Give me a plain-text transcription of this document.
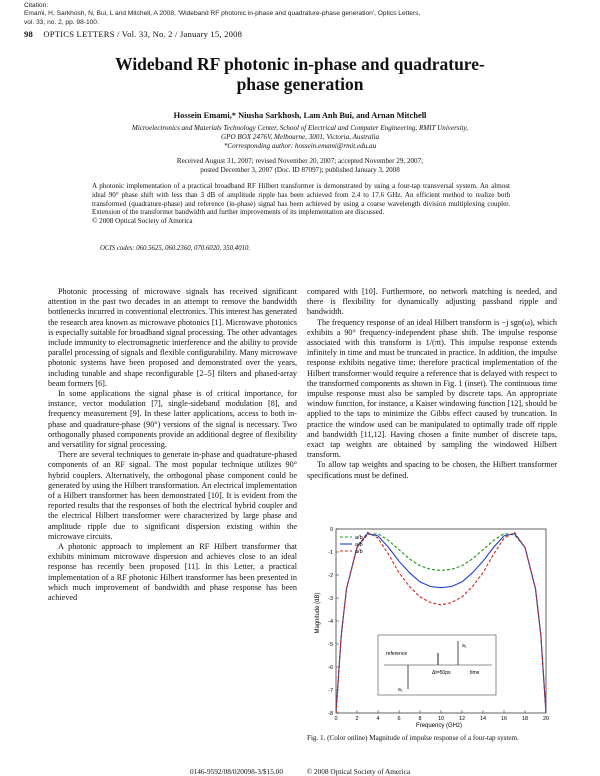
Citation:
Emami, H, Sarkhosh, N, Bui, L and Mitchell, A 2008, 'Wideband RF photonic in-phase and quadrature-phase generation', Optics Letters,
vol. 33, no. 2, pp. 98-100.
98 OPTICS LETTERS / Vol. 33, No. 2 / January 15, 2008
Wideband RF photonic in-phase and quadrature-
phase generation
Hossein Emami,* Niusha Sarkhosh, Lam Anh Bui, and Arnan Mitchell
Microelectronics and Materials Technology Center, School of Electrical and Computer Engineering, RMIT University,
GPO BOX 2476V, Melbourne, 3001, Victoria, Australia
*Corresponding author: hossein.emami@rmit.edu.au
Received August 31, 2007; revised November 20, 2007; accepted November 29, 2007;
posted December 3, 2007 (Doc. ID 87097); published January 3, 2008
A photonic implementation of a practical broadband RF Hilbert transformer is demonstrated by using a four-tap transversal system. An almost ideal 90° phase shift with less than 3 dB of amplitude ripple has been achieved from 2.4 to 17.6 GHz. An efficient method to realize both transformed (quadrature-phase) and reference (in-phase) signal has been achieved by using a coarse wavelength division multiplexing coupler. Extension of the transformer bandwidth and further improvements of its implementation are discussed.
© 2008 Optical Society of America
OCIS codes: 060.5625, 060.2360, 070.6020, 350.4010.

Photonic processing of microwave signals has received significant attention in the past two decades in an attempt to remove the bandwidth bottlenecks incurred in conventional electronics. This interest has generated the research area known as microwave photonics [1]. Microwave photonics is especially suitable for broadband signal processing. The other advantages include immunity to electromagnetic interference and the ability to provide parallel processing of signals and flexible configurability. Many microwave photonic systems have been proposed and demonstrated over the years, including tunable and shape reconfigurable [2–5] filters and phased-array beam formers [6].

In some applications the signal phase is of critical importance, for instance, vector modulation [7], single-sideband modulation [8], and frequency measurement [9]. In these latter applications, access to both in-phase and quadrature-phase (90°) versions of the signal is necessary. Two orthogonally phased components provide an additional degree of flexibility and versatility for signal processing.

There are several techniques to generate in-phase and quadrature-phased components of an RF signal. The most popular technique utilizes 90° hybrid couplers. Alternatively, the orthogonal phase component could be generated by using the Hilbert transformation. An electrical implementation of a Hilbert transformer has been demonstrated [10]. It is evident from the reported results that the responses of both the electrical hybrid coupler and the electrical Hilbert transformer were characterized by large phase and amplitude ripple due to significant dispersion existing within the microwave circuits.

A photonic approach to implement an RF Hilbert transformer that exhibits minimum microwave dispersion and achieves close to an ideal response has recently been proposed [11]. In this Letter, a practical implementation of a RF photonic Hilbert transformer has been presented in which much improvement of bandwidth and phase response has been achieved

compared with [10]. Furthermore, no network matching is needed, and there is flexibility for dynamically adjusting passband ripple and bandwidth.

The frequency response of an ideal Hilbert transform is −j sgn(ω), which exhibits a 90° frequency-independent phase shift. The impulse response associated with this transform is 1/(πt). This impulse response extends infinitely in time and must be truncated in practice. In addition, the impulse response exhibits negative time; therefore practical implementation of the Hilbert transformer would require a reference that is delayed with respect to the transformed components as shown in Fig. 1 (inset). The continuous time impulse response must also be sampled by discrete taps. An appropriate window function, for instance, a Kaiser windowing function [12], should be applied to the taps to minimize the Gibbs effect caused by truncation. In practice the window used can be manipulated to optimally trade off ripple and bandwidth [11,12]. Having chosen a finite number of discrete taps, exact tap weights are obtained by sampling the windowed Hilbert transform.

To allow tap weights and spacing to be chosen, the Hilbert transformer specifications must be defined.

0	2	4	6	8	10	12	14	16	18	20
0
-1
-2
-3
-4
-5
-6
-7
-8
a/b
a/b
a/b
reference
a₁
Δt=50ps
a₂
time
Frequency (GHz)
Magnitude (dB)
Fig. 1. (Color online) Magnitude of impulse response of a four-tap system.
0146-9592/08/020098-3/$15.00	© 2008 Optical Society of America
